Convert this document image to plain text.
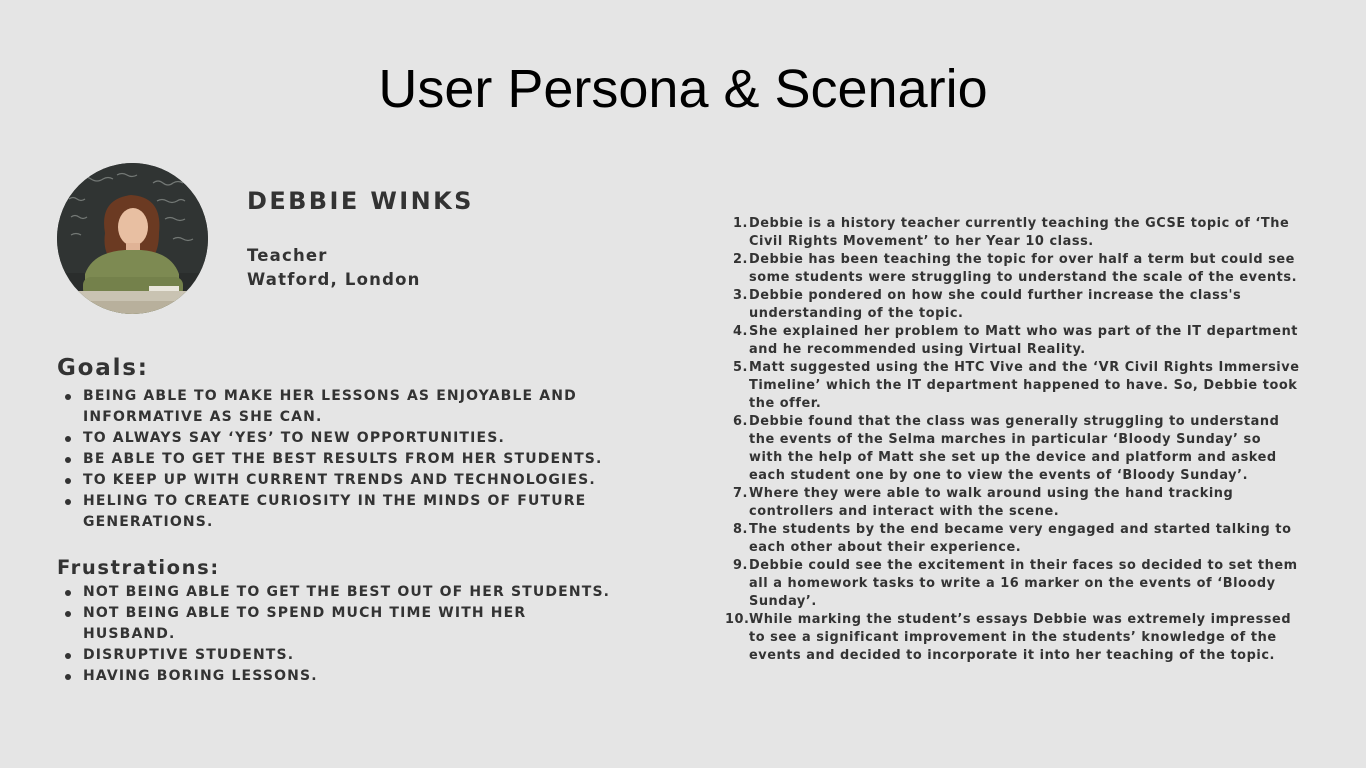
User Persona & Scenario
DEBBIE WINKS
Teacher
Watford, London
Goals:
BEING ABLE TO MAKE HER LESSONS AS ENJOYABLE AND INFORMATIVE AS SHE CAN.
TO ALWAYS SAY ‘YES’ TO NEW OPPORTUNITIES.
BE ABLE TO GET THE BEST RESULTS FROM HER STUDENTS.
TO KEEP UP WITH CURRENT TRENDS AND TECHNOLOGIES.
HELING TO CREATE CURIOSITY IN THE MINDS OF FUTURE GENERATIONS.
Frustrations:
NOT BEING ABLE TO GET THE BEST OUT OF HER STUDENTS.
NOT BEING ABLE TO SPEND MUCH TIME WITH HER HUSBAND.
DISRUPTIVE STUDENTS.
HAVING BORING LESSONS.
1. Debbie is a history teacher currently teaching the GCSE topic of ‘The Civil Rights Movement’ to her Year 10 class.
2. Debbie has been teaching the topic for over half a term but could see some students were struggling to understand the scale of the events.
3. Debbie pondered on how she could further increase the class's understanding of the topic.
4. She explained her problem to Matt who was part of the IT department and he recommended using Virtual Reality.
5. Matt suggested using the HTC Vive and the ‘VR Civil Rights Immersive Timeline’ which the IT department happened to have. So, Debbie took the offer.
6. Debbie found that the class was generally struggling to understand the events of the Selma marches in particular ‘Bloody Sunday’ so with the help of Matt she set up the device and platform and asked each student one by one to view the events of ‘Bloody Sunday’.
7. Where they were able to walk around using the hand tracking controllers and interact with the scene.
8. The students by the end became very engaged and started talking to each other about their experience.
9. Debbie could see the excitement in their faces so decided to set them all a homework tasks to write a 16 marker on the events of ‘Bloody Sunday’.
10. While marking the student’s essays Debbie was extremely impressed to see a significant improvement in the students’ knowledge of the events and decided to incorporate it into her teaching of the topic.
